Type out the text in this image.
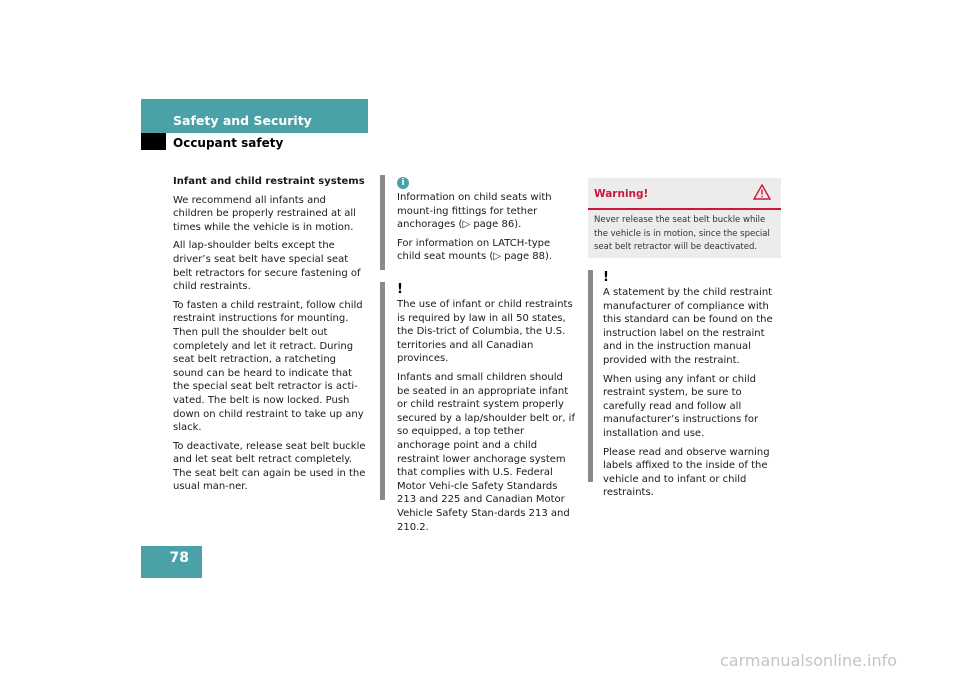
Safety and Security
Occupant safety

Infant and child restraint systems

We recommend all infants and children be properly restrained at all times while the vehicle is in motion.

All lap-shoulder belts except the driver’s seat belt have special seat belt retractors for secure fastening of child restraints.

To fasten a child restraint, follow child restraint instructions for mounting. Then pull the shoulder belt out completely and let it retract. During seat belt retraction, a ratcheting sound can be heard to indicate that the special seat belt retractor is acti-vated. The belt is now locked. Push down on child restraint to take up any slack.

To deactivate, release seat belt buckle and let seat belt retract completely. The seat belt can again be used in the usual man-ner.

i

Information on child seats with mount-ing fittings for tether anchorages (▷ page 86).

For information on LATCH-type child seat mounts (▷ page 88).

!

The use of infant or child restraints is required by law in all 50 states, the Dis-trict of Columbia, the U.S. territories and all Canadian provinces.

Infants and small children should be seated in an appropriate infant or child restraint system properly secured by a lap/shoulder belt or, if so equipped, a top tether anchorage point and a child restraint lower anchorage system that complies with U.S. Federal Motor Vehi-cle Safety Standards 213 and 225 and Canadian Motor Vehicle Safety Stan-dards 213 and 210.2.

Warning!
Never release the seat belt buckle while the vehicle is in motion, since the special seat belt retractor will be deactivated.
!

A statement by the child restraint manufacturer of compliance with this standard can be found on the instruction label on the restraint and in the instruction manual provided with the restraint.

When using any infant or child restraint system, be sure to carefully read and follow all manufacturer’s instructions for installation and use.

Please read and observe warning labels affixed to the inside of the vehicle and to infant or child restraints.

78
carmanualsonline.info
